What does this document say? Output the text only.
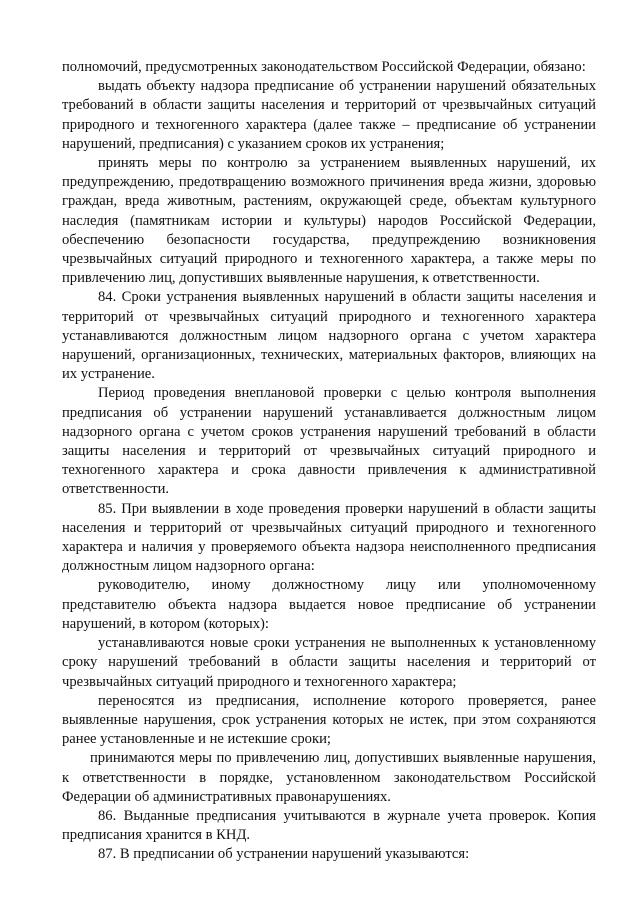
полномочий, предусмотренных законодательством Российской Федерации, обязано:

выдать объекту надзора предписание об устранении нарушений обязательных требований в области защиты населения и территорий от чрезвычайных ситуаций природного и техногенного характера (далее также – предписание об устранении нарушений, предписания) с указанием сроков их устранения;

принять меры по контролю за устранением выявленных нарушений, их предупреждению, предотвращению возможного причинения вреда жизни, здоровью граждан, вреда животным, растениям, окружающей среде, объектам культурного наследия (памятникам истории и культуры) народов Российской Федерации, обеспечению безопасности государства, предупреждению возникновения чрезвычайных ситуаций природного и техногенного характера, а также меры по привлечению лиц, допустивших выявленные нарушения, к ответственности.

84. Сроки устранения выявленных нарушений в области защиты населения и территорий от чрезвычайных ситуаций природного и техногенного характера устанавливаются должностным лицом надзорного органа с учетом характера нарушений, организационных, технических, материальных факторов, влияющих на их устранение.

Период проведения внеплановой проверки с целью контроля выполнения предписания об устранении нарушений устанавливается должностным лицом надзорного органа с учетом сроков устранения нарушений требований в области защиты населения и территорий от чрезвычайных ситуаций природного и техногенного характера и срока давности привлечения к административной ответственности.

85. При выявлении в ходе проведения проверки нарушений в области защиты населения и территорий от чрезвычайных ситуаций природного и техногенного характера и наличия у проверяемого объекта надзора неисполненного предписания должностным лицом надзорного органа:

руководителю, иному должностному лицу или уполномоченному представителю объекта надзора выдается новое предписание об устранении нарушений, в котором (которых):

устанавливаются новые сроки устранения не выполненных к установленному сроку нарушений требований в области защиты населения и территорий от чрезвычайных ситуаций природного и техногенного характера;

переносятся из предписания, исполнение которого проверяется, ранее выявленные нарушения, срок устранения которых не истек, при этом сохраняются ранее установленные и не истекшие сроки;

принимаются меры по привлечению лиц, допустивших выявленные нарушения, к ответственности в порядке, установленном законодательством Российской Федерации об административных правонарушениях.

86. Выданные предписания учитываются в журнале учета проверок. Копия предписания хранится в КНД.

87. В предписании об устранении нарушений указываются:
